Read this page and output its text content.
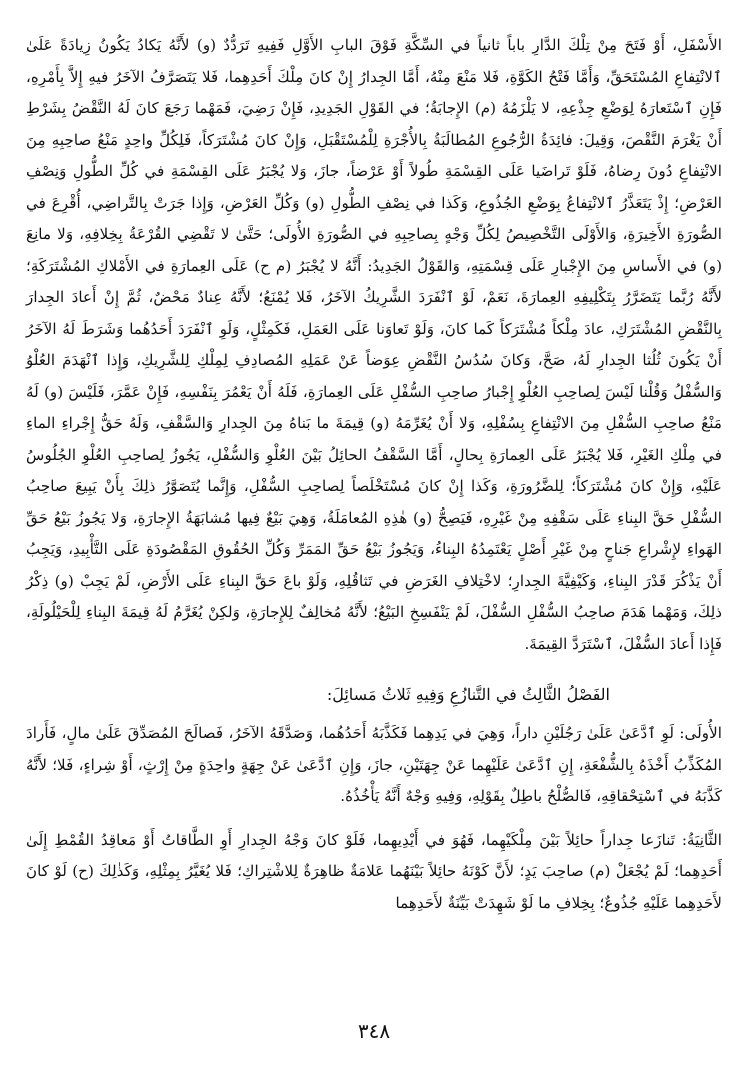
الأَسْفَلِ، أَوْ فَتَحَ مِنْ تِلْكَ الدَّارِ باباً ثانياً في السِّكَّةِ فَوْقَ البابِ الأَوَّلِ فَفِيهِ تَرَدُّدٌ (و) لأَنَّهُ يَكادُ يَكُونُ زِيادَةً عَلَىٰ ٱلانْتِفاعِ المُسْتَحَقِّ، وَأَمَّا فَتْحُ الكَوَّةِ، فَلا مَنْعَ مِنْهُ، أَمَّا الجِدارُ إِنْ كانَ مِلْكَ أَحَدِهِما، فَلا يَتَصَرَّفُ الآخَرُ فيهِ إِلاَّ بِأَمْرِهِ، فَإِنِ ٱسْتَعارَهُ لِوَضْعِ جِذْعِهِ، لا يَلْزَمُهُ (م) الإِجابَةُ؛ في القَوْلِ الجَدِيدِ، فَإِنْ رَضِيَ، فَمَهْما رَجَعَ كانَ لَهُ النَّقْضُ بِشَرْطِ أَنْ يَغْرَمَ النَّقْصَ، وَقِيلَ: فائِدَةُ الرُّجُوعِ المُطالَبَةُ بِالأُجْرَةِ لِلْمُسْتَقْبَلِ، وَإِنْ كانَ مُشْتَرَكاً، فَلِكُلِّ واحِدٍ مَنْعُ صاحِبِهِ مِنَ الانْتِفاعِ دُونَ رِضاهُ، فَلَوْ تَراضَيا عَلَى القِسْمَةِ طُولاً أَوْ عَرْضاً، جازَ، وَلا يُجْبَرُ عَلَى القِسْمَةِ في كُلِّ الطُّولِ وَنِصْفِ العَرْضِ؛ إِذْ يَتَعَذَّرُ ٱلانْتِفاعُ بِوَضْعِ الجُذُوعِ، وَكَذا في نِصْفِ الطُّولِ (و) وَكُلِّ العَرْضِ، وَإِذا جَرَتْ بِالتَّراضِي، أُقْرِعَ في الصُّورَةِ الأَخِيرَةِ، وَالأَوْلَى التَّخْصِيصُ لِكُلِّ وَجْهٍ بِصاحِبِهِ في الصُّورَةِ الأُولَى؛ حَتَّىٰ لا تَقْضِي القُرْعَةُ بِخِلافِهِ، وَلا مانِعَ (و) في الأَساسِ مِنَ الإِجْبارِ عَلَى قِسْمَتِهِ، وَالقَوْلُ الجَدِيدُ: أَنَّهُ لا يُجْبَرُ (م ح) عَلَى العِمارَةِ في الأَمْلاكِ المُشْتَرَكَةِ؛ لأَنَّهُ رُبَّما يَتَضَرَّرُ بِتَكْلِيفِهِ العِمارَةَ، نَعَمْ، لَوْ ٱنْفَرَدَ الشَّرِيكُ الآخَرُ، فَلا يُمْنَعُ؛ لأَنَّهُ عِنادٌ مَحْضٌ، ثُمَّ إِنْ أَعادَ الجِدارَ بِالنَّقْضِ المُشْتَرَكِ، عادَ مِلْكاً مُشْتَرَكاً كَما كانَ، وَلَوْ تَعاوَنا عَلَى العَمَلِ، فَكَمِثْلٍ، وَلَوِ ٱنْفَرَدَ أَحَدُهُما وَشَرَطَ لَهُ الآخَرُ أَنْ يَكُونَ ثُلُثا الجِدارِ لَهُ، صَحَّ، وَكانَ سُدُسُ النَّقْضِ عِوَضاً عَنْ عَمَلِهِ المُصادِفِ لِمِلْكِ لِلشَّرِيكِ، وَإِذا ٱنْهَدَمَ العُلْوُ وَالسُّفْلُ وَقُلْنا لَيْسَ لِصاحِبِ العُلْوِ إِجْبارُ صاحِبِ السُّفْلِ عَلَى العِمارَةِ، فَلَهُ أَنْ يَعْمُرَ بِنَفْسِهِ، فَإِنْ عَمَّرَ، فَلَيْسَ (و) لَهُ مَنْعُ صاحِبِ السُّفْلِ مِنَ الانْتِفاعِ بِسُفْلِهِ، وَلا أَنْ يُغَرِّمَهُ (و) قِيمَةَ ما بَناهُ مِنَ الجِدارِ وَالسَّقْفِ، وَلَهُ حَقُّ إِجْراءِ الماءِ في مِلْكِ الغَيْرِ، فَلا يُجْبَرُ عَلَى العِمارَةِ بِحالٍ، أَمَّا السَّقْفُ الحائِلُ بَيْنَ العُلْوِ وَالسُّفْلِ، يَجُوزُ لِصاحِبِ العُلْوِ الجُلُوسُ عَلَيْهِ، وَإِنْ كانَ مُشْتَرَكاً؛ لِلضَّرُورَةِ، وَكَذا إِنْ كانَ مُسْتَخْلَصاً لِصاحِبِ السُّفْلِ، وَإِنَّما يُتَصَوَّرُ ذلِكَ بِأَنْ يَبِيعَ صاحِبُ السُّفْلِ حَقَّ البِناءِ عَلَى سَقْفِهِ مِنْ غَيْرِهِ، فَيَصِحُّ (و) هٰذِهِ المُعامَلَةُ، وَهِيَ بَيْعٌ فِيها مُشابَهَةُ الإِجارَةِ، وَلا يَجُوزُ بَيْعُ حَقِّ الهَواءِ لإِشْراعِ جَناحٍ مِنْ غَيْرِ أَصْلٍ يَعْتَمِدُهُ البِناءُ، وَيَجُوزُ بَيْعُ حَقِّ المَمَرِّ وَكُلِّ الحُقُوقِ المَقْصُودَةِ عَلَى التَّأْبِيدِ، وَيَجِبُ أَنْ يَذْكُرَ قَدْرَ البِناءِ، وَكَيْفِيَّةَ الجِدارِ؛ لاخْتِلافِ الغَرَضِ في تَثاقُلِهِ، وَلَوْ باعَ حَقَّ البِناءِ عَلَى الأَرْضِ، لَمْ يَجِبْ (و) ذِكْرُ ذلِكَ، وَمَهْما هَدَمَ صاحِبُ السُّفْلِ السُّفْلَ، لَمْ يَنْفَسِخِ البَيْعُ؛ لأَنَّهُ مُخالِفٌ لِلإِجارَةِ، وَلكِنْ يُغَرَّمُ لَهُ قِيمَةَ البِناءِ لِلْحَيْلُولَةِ، فَإِذا أَعادَ السُّفْلَ، ٱسْتَرَدَّ القِيمَةَ.

الفَصْلُ الثَّالِثُ في التَّنازُعِ وَفِيهِ ثَلاثُ مَسائِلَ:

الأُولَى: لَوِ ٱدَّعَىٰ عَلَىٰ رَجُلَيْنِ داراً، وَهِيَ في يَدِهِما فَكَذَّبَهُ أَحَدُهُما، وَصَدَّقَهُ الآخَرُ، فَصالَحَ المُصَدِّقَ عَلَىٰ مالٍ، فَأَرادَ المُكَذِّبُ أَخْذَهُ بِالشُّفْعَةِ، إِنِ ٱدَّعَىٰ عَلَيْهِما عَنْ جِهَتَيْنِ، جازَ، وَإِنِ ٱدَّعَىٰ عَنْ جِهَةٍ واحِدَةٍ مِنْ إِرْثٍ، أَوْ شِراءٍ، فَلا؛ لأَنَّهُ كَذَّبَهُ في ٱسْتِحْقاقِهِ، فَالصُّلْحُ باطِلٌ بِقَوْلِهِ، وَفِيهِ وَجْهٌ أَنَّهُ يَأْخُذُهُ.

الثَّانِيَةُ: تَنازَعا جِداراً حائِلاً بَيْنَ مِلْكَيْهِما، فَهُوَ في أَيْدِيهِما، فَلَوْ كانَ وَجْهُ الجِدارِ أَوِ الطَّاقاتُ أَوْ مَعاقِدُ القُمْطِ إِلَىٰ أَحَدِهِما؛ لَمْ يُجْعَلْ (م) صاحِبَ يَدٍ؛ لأَنَّ كَوْنَهُ حائِلاً بَيْنَهُما عَلامَةٌ ظاهِرَةٌ لِلاشْتِراكِ؛ فَلا يُغَيَّرُ بِمِثْلِهِ، وَكَذٰلِكَ (ح) لَوْ كانَ لأَحَدِهِما عَلَيْهِ جُذُوعٌ؛ بِخِلافِ ما لَوْ شَهِدَتْ بَيِّنَةٌ لأَحَدِهِما

٣٤٨
